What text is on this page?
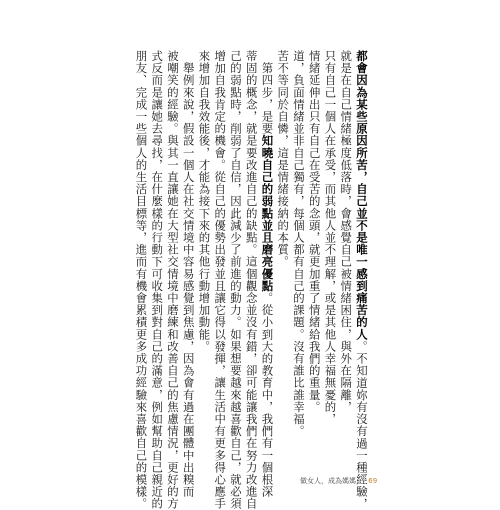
都會因為某些原因所苦，自己並不是唯一感到痛苦的人。不知道妳有沒有過一種經驗，
就是在自己情緒極度低落時，會感覺自己被情緒困住，與外在隔離，
只有自己一個人在承受，而其他人並不理解，或是其他人幸福無憂的，
情緒延伸出只有自己在受苦的念頭，就更加重了情緒給我們的重量。
道，負面情緒並非自己獨有，每個人都有自己的課題。沒有誰比誰幸福。
苦不等同於自憐，這是情緒接納的本質。
　第四步，是要知曉自己的弱點並且磨亮優點。從小到大的教育中，我們有一個根深
蒂固的概念，就是要改進自己的缺點。這個觀念並沒有錯，卻可能讓我們在努力改進自
己的弱點時，削弱了自信，因此減少了前進的動力。如果想要越來越喜歡自己，就必須
增加自我肯定的機會。從自己的優勢出發並且讓它得以發揮，讓生活中有更多得心應手
來增加自我效能後，才能為接下來的其他行動增加動能。
　舉例來說，假設一個人在社交情境中容易感覺到焦慮，因為會有過在團體中出糗而
被嘲笑的經驗。與其一直讓她在大型社交情境中磨練和改善自己的焦慮情況，更好的方
式反而是讓她去尋找，在什麼樣的行動下可收集到對自己的滿意，例如幫助自己親近的
朋友、完成一些個人的生活目標等，進而有機會累積更多成功經驗來喜歡自己的模樣。	做女人，成為媽媽 69
